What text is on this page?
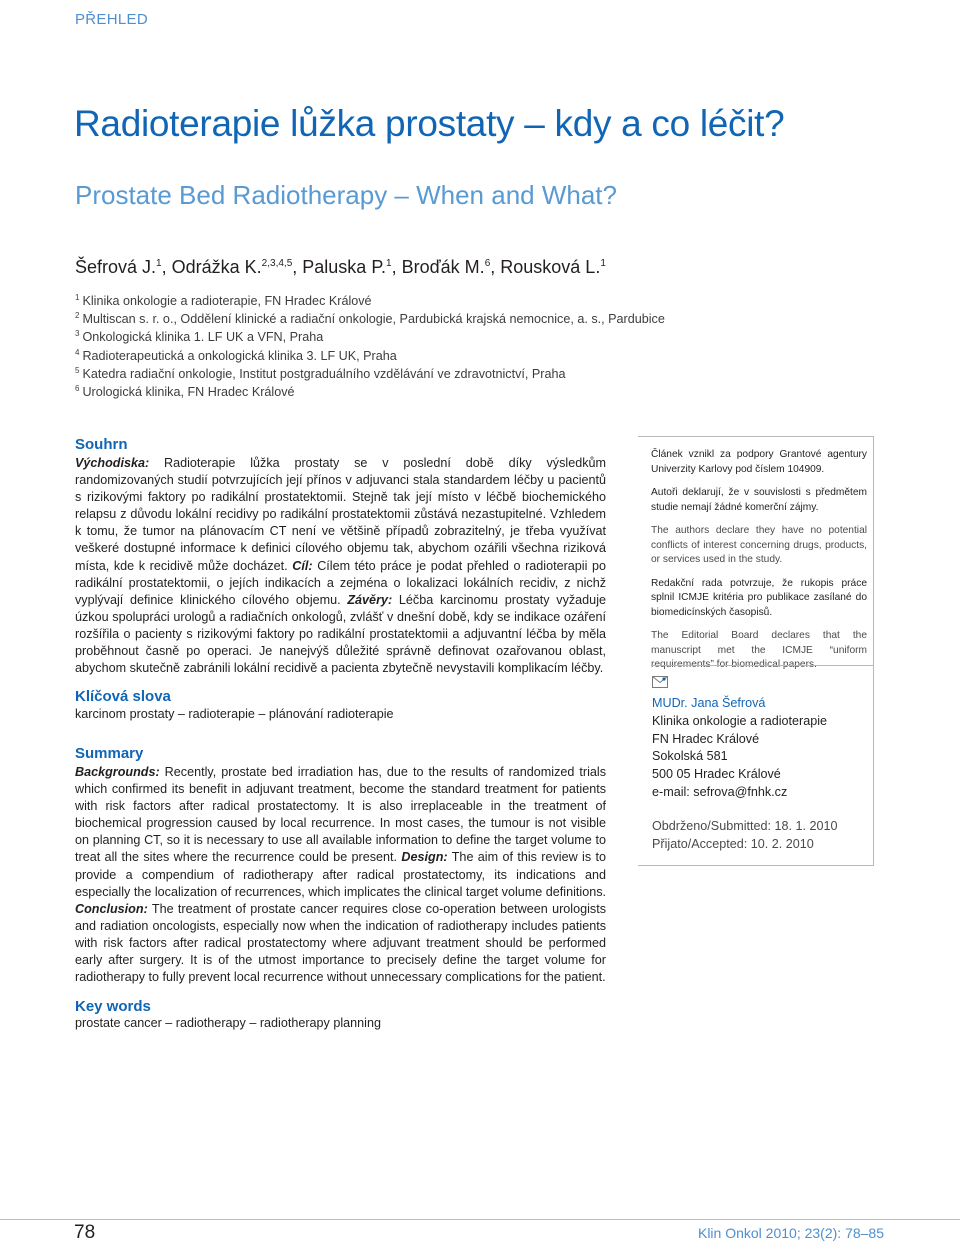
PŘEHLED
Radioterapie lůžka prostaty – kdy a co léčit?
Prostate Bed Radiotherapy – When and What?
Šefrová J.$^1$, Odrážka K.$^{2,3,4,5}$, Paluska P.$^1$, Broďák M.$^6$, Rousková L.$^1$
$^1$ Klinika onkologie a radioterapie, FN Hradec Králové
$^2$ Multiscan s. r. o., Oddělení klinické a radiační onkologie, Pardubická krajská nemocnice, a. s., Pardubice
$^3$ Onkologická klinika 1. LF UK a VFN, Praha
$^4$ Radioterapeutická a onkologická klinika 3. LF UK, Praha
$^5$ Katedra radiační onkologie, Institut postgraduálního vzdělávání ve zdravotnictví, Praha
$^6$ Urologická klinika, FN Hradec Králové
Souhrn
Východiska: Radioterapie lůžka prostaty se v poslední době díky výsledkům randomizovaných studií potvrzujících její přínos v adjuvanci stala standardem léčby u pacientů s rizikovými faktory po radikální prostatektomii. Stejně tak její místo v léčbě biochemického relapsu z důvodu lokální recidivy po radikální prostatektomii zůstává nezastupitelné. Vzhledem k tomu, že tumor na plánovacím CT není ve většině případů zobrazitelný, je třeba využívat veškeré dostupné informace k definici cílového objemu tak, abychom ozářili všechna riziková místa, kde k recidivě může docházet. Cíl: Cílem této práce je podat přehled o radioterapii po radikální prostatektomii, o jejích indikacích a zejména o lokalizaci lokálních recidiv, z nichž vyplývají definice klinického cílového objemu. Závěry: Léčba karcinomu prostaty vyžaduje úzkou spolupráci urologů a radiačních onkologů, zvlášť v dnešní době, kdy se indikace ozáření rozšířila o pacienty s rizikovými faktory po radikální prostatektomii a adjuvantní léčba by měla proběhnout časně po operaci. Je nanejvýš důležité správně definovat ozařovanou oblast, abychom skutečně zabránili lokální recidivě a pacienta zbytečně nevystavili komplikacím léčby.
Klíčová slova
karcinom prostaty – radioterapie – plánování radioterapie
Summary
Backgrounds: Recently, prostate bed irradiation has, due to the results of randomized trials which confirmed its benefit in adjuvant treatment, become the standard treatment for patients with risk factors after radical prostatectomy. It is also irreplaceable in the treatment of biochemical progression caused by local recurrence. In most cases, the tumour is not visible on planning CT, so it is necessary to use all available information to define the target volume to treat all the sites where the recurrence could be present. Design: The aim of this review is to provide a compendium of radiotherapy after radical prostatectomy, its indications and especially the localization of recurrences, which implicates the clinical target volume definitions. Conclusion: The treatment of prostate cancer requires close co-operation between urologists and radiation oncologists, especially now when the indication of radiotherapy includes patients with risk factors after radical prostatectomy where adjuvant treatment should be performed early after surgery. It is of the utmost importance to precisely define the target volume for radiotherapy to fully prevent local recurrence without unnecessary complications for the patient.
Key words
prostate cancer – radiotherapy – radiotherapy planning

Článek vznikl za podpory Grantové agentury Univerzity Karlovy pod číslem 104909.

Autoři deklarují, že v souvislosti s předmětem studie nemají žádné komerční zájmy.

The authors declare they have no potential conflicts of interest concerning drugs, products, or services used in the study.

Redakční rada potvrzuje, že rukopis práce splnil ICMJE kritéria pro publikace zasílané do biomedicínských časopisů.

The Editorial Board declares that the manuscript met the ICMJE “uniform

MUDr. Jana Šefrová
Klinika onkologie a radioterapie
FN Hradec Králové
Sokolská 581
500 05 Hradec Králové
e-mail: sefrova@fnhk.cz
Obdrženo/Submitted: 18. 1. 2010
Přijato/Accepted: 10. 2. 2010
78	Klin Onkol 2010; 23(2): 78–85
